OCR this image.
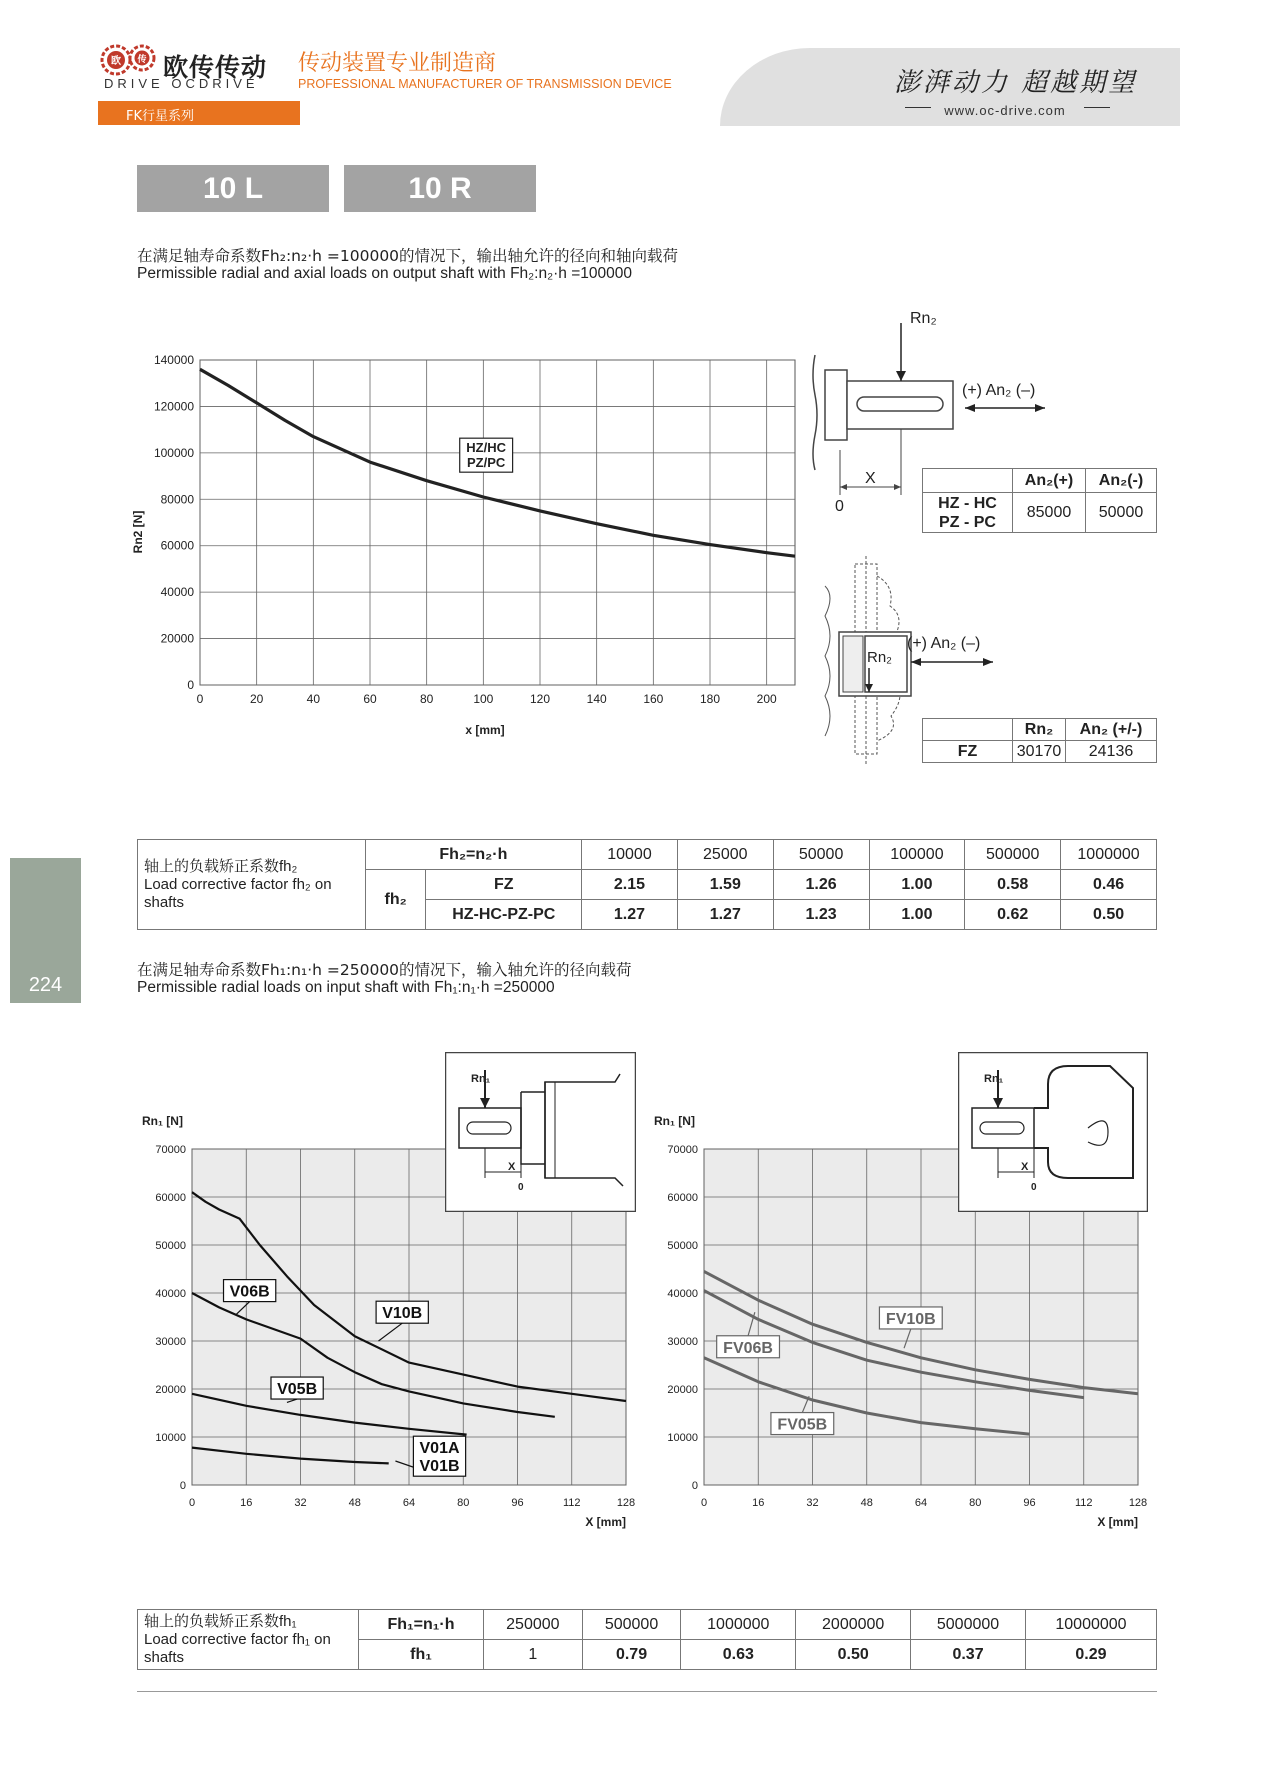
欧 传 欧传传动
DRIVE OCDRIVE
传动装置专业制造商
PROFESSIONAL MANUFACTURER OF TRANSMISSION DEVICE	澎湃动力 超越期望
www.oc-drive.com
FK行星系列
10 L	10 R
在满足轴寿命系数Fh₂:n₂·h =100000的情况下，输出轴允许的径向和轴向载荷
Permissible radial and axial loads on output shaft with Fh₂:n₂·h =100000
0	20	40	60	80	100	120	140	160	180	200
0
20000
40000
60000
80000
100000
120000
140000
x [mm]
Rn2 [N]
HZ/HC
PZ/PC
Rn₂
(+) An₂ (–)
X
0
	An₂(+)	An₂(-)
HZ - HC
PZ - PC	85000	50000
Rn₂
(+) An₂ (–)
	Rn₂	An₂ (+/-)
FZ	30170	24136
224
轴上的负载矫正系数fh₂
Load corrective factor fh₂ on shafts	Fh₂=n₂·h		10000	25000	50000	100000	500000	1000000
	fh₂	FZ	2.15	1.59	1.26	1.00	0.58	0.46
		HZ-HC-PZ-PC	1.27	1.27	1.23	1.00	0.62	0.50
在满足轴寿命系数Fh₁:n₁·h =250000的情况下，输入轴允许的径向载荷
Permissible radial loads on input shaft with Fh₁:n₁·h =250000
0	16	32	48	64	80	96	112	128
0
10000
20000
30000
40000
50000
60000
70000
X [mm]
Rn₁ [N]
V10B
V06B
V05B
V01A
V01B
0	16	32	48	64	80	96	112	128
0
10000
20000
30000
40000
50000
60000
70000
X [mm]
Rn₁ [N]
FV10B
FV06B
FV05B
Rn₁
X
0
Rn₁
X
0
轴上的负载矫正系数fh₁
Load corrective factor fh₁ on shafts	Fh₁=n₁·h	250000	500000	1000000	2000000	5000000	10000000
	fh₁	1	0.79	0.63	0.50	0.37	0.29
